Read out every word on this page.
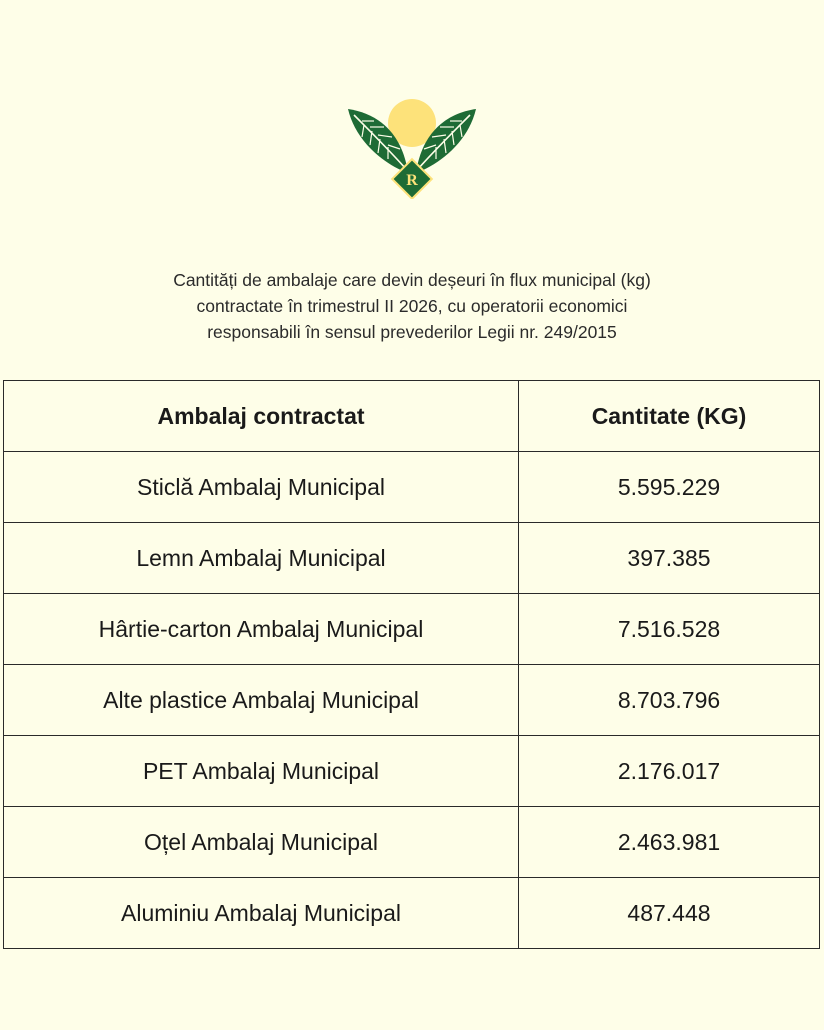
R
Cantități de ambalaje care devin deșeuri în flux municipal (kg)
contractate în trimestrul II 2026, cu operatorii economici
responsabili în sensul prevederilor Legii nr. 249/2015
Ambalaj contractat	Cantitate (KG)
Sticlă Ambalaj Municipal	5.595.229
Lemn Ambalaj Municipal	397.385
Hârtie-carton Ambalaj Municipal	7.516.528
Alte plastice Ambalaj Municipal	8.703.796
PET Ambalaj Municipal	2.176.017
Oțel Ambalaj Municipal	2.463.981
Aluminiu Ambalaj Municipal	487.448
